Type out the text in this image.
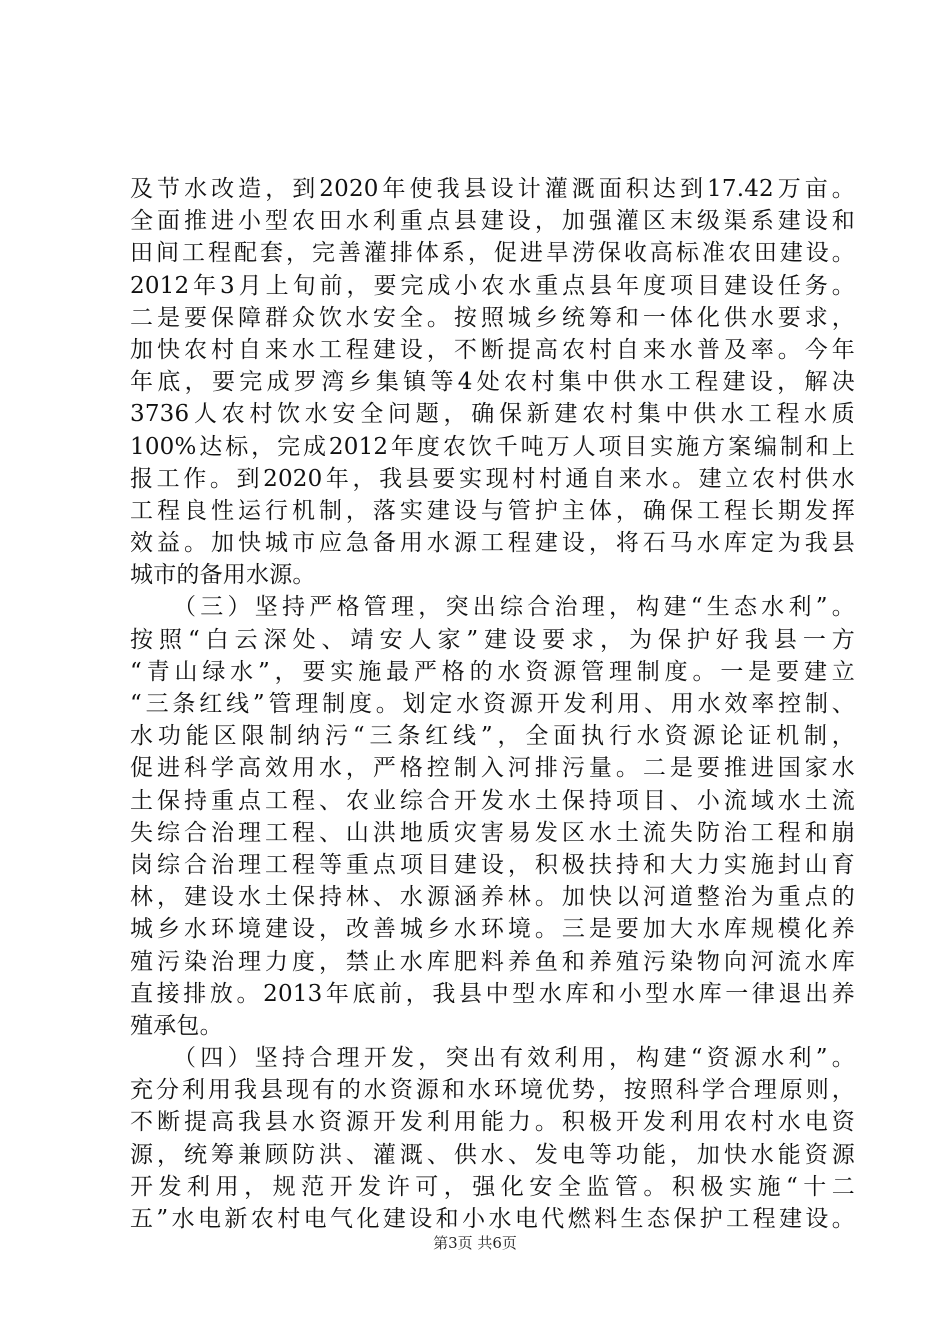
及节水改造，到2020年使我县设计灌溉面积达到17.42万亩。
全面推进小型农田水利重点县建设，加强灌区末级渠系建设和
田间工程配套，完善灌排体系，促进旱涝保收高标准农田建设。
2012年3月上旬前，要完成小农水重点县年度项目建设任务。
二是要保障群众饮水安全。按照城乡统筹和一体化供水要求，
加快农村自来水工程建设，不断提高农村自来水普及率。今年
年底，要完成罗湾乡集镇等4处农村集中供水工程建设，解决
3736人农村饮水安全问题，确保新建农村集中供水工程水质
100%达标，完成2012年度农饮千吨万人项目实施方案编制和上
报工作。到2020年，我县要实现村村通自来水。建立农村供水
工程良性运行机制，落实建设与管护主体，确保工程长期发挥
效益。加快城市应急备用水源工程建设，将石马水库定为我县
城市的备用水源。
　　（三）坚持严格管理，突出综合治理，构建“生态水利”。
按照“白云深处、靖安人家”建设要求，为保护好我县一方
“青山绿水”，要实施最严格的水资源管理制度。一是要建立
“三条红线”管理制度。划定水资源开发利用、用水效率控制、
水功能区限制纳污“三条红线”，全面执行水资源论证机制，
促进科学高效用水，严格控制入河排污量。二是要推进国家水
土保持重点工程、农业综合开发水土保持项目、小流域水土流
失综合治理工程、山洪地质灾害易发区水土流失防治工程和崩
岗综合治理工程等重点项目建设，积极扶持和大力实施封山育
林，建设水土保持林、水源涵养林。加快以河道整治为重点的
城乡水环境建设，改善城乡水环境。三是要加大水库规模化养
殖污染治理力度，禁止水库肥料养鱼和养殖污染物向河流水库
直接排放。2013年底前，我县中型水库和小型水库一律退出养
殖承包。
　　（四）坚持合理开发，突出有效利用，构建“资源水利”。
充分利用我县现有的水资源和水环境优势，按照科学合理原则，
不断提高我县水资源开发利用能力。积极开发利用农村水电资
源，统筹兼顾防洪、灌溉、供水、发电等功能，加快水能资源
开发利用，规范开发许可，强化安全监管。积极实施“十二
五”水电新农村电气化建设和小水电代燃料生态保护工程建设。
第3页 共6页
